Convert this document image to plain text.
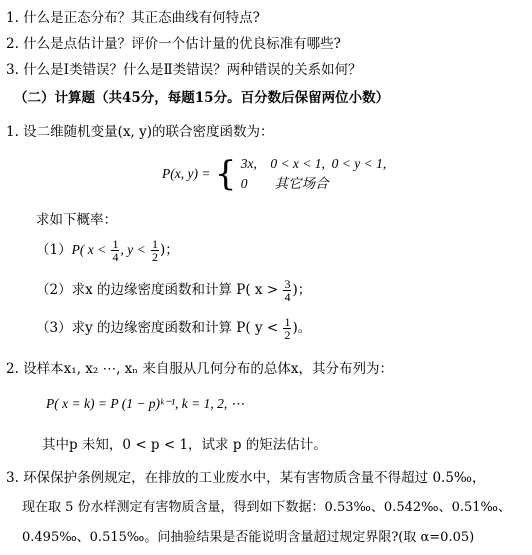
1. 什么是正态分布？其正态曲线有何特点?
2. 什么是点估计量？评价一个估计量的优良标准有哪些?
3. 什么是Ⅰ类错误？什么是Ⅱ类错误？两种错误的关系如何？
（二）计算题（共45分，每题15分。百分数后保留两位小数）
1. 设二维随机变量(x, y)的联合密度函数为：
P(x, y) = { 3x,    0 < x < 1,  0 < y < 1,
0        其它场合
求如下概率：
（1）P( $x < \frac{1}{4}$ , $y < \frac{1}{2}$ )；
（2）求x 的边缘密度函数和计算 P( $x > \frac{3}{4}$ )；
（3）求y 的边缘密度函数和计算 P( $y < \frac{1}{2}$ )。
2. 设样本x₁, x₂ ⋯, xₙ 来自服从几何分布的总体x，其分布列为：
P( x = k) = P (1 − p)ᵏ⁻¹, k = 1, 2, ⋯
其中p 未知，0 < p < 1，试求 p 的矩法估计。
3. 环保保护条例规定，在排放的工业废水中，某有害物质含量不得超过 0.5‰，
现在取 5 份水样测定有害物质含量，得到如下数据：0.53‰、0.542‰、0.51‰、
0.495‰、0.515‰。问抽验结果是否能说明含量超过规定界限?(取 α=0.05)
